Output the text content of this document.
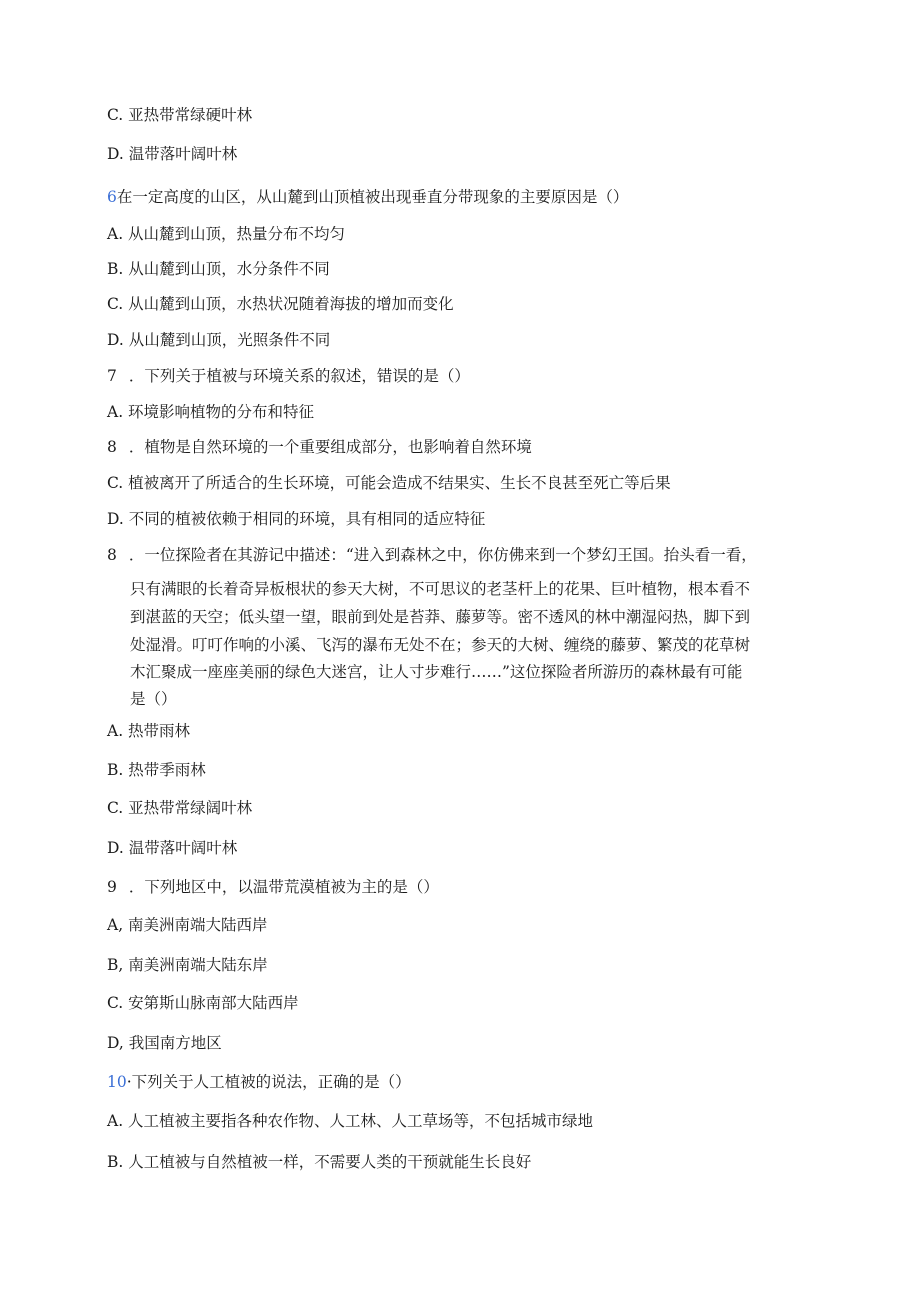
C. 亚热带常绿硬叶林
D. 温带落叶阔叶林
6在一定高度的山区，从山麓到山顶植被出现垂直分带现象的主要原因是（）
A. 从山麓到山顶，热量分布不均匀
B. 从山麓到山顶，水分条件不同
C. 从山麓到山顶，水热状况随着海拔的增加而变化
D. 从山麓到山顶，光照条件不同
7 ．下列关于植被与环境关系的叙述，错误的是（）
A. 环境影响植物的分布和特征
8 ．植物是自然环境的一个重要组成部分，也影响着自然环境
C. 植被离开了所适合的生长环境，可能会造成不结果实、生长不良甚至死亡等后果
D. 不同的植被依赖于相同的环境，具有相同的适应特征
8 ．一位探险者在其游记中描述：“进入到森林之中，你仿佛来到一个梦幻王国。抬头看一看，
只有满眼的长着奇异板根状的参天大树，不可思议的老茎杆上的花果、巨叶植物，根本看不
到湛蓝的天空；低头望一望，眼前到处是苔莽、藤萝等。密不透风的林中潮湿闷热，脚下到
处湿滑。叮叮作响的小溪、飞泻的瀑布无处不在；参天的大树、缠绕的藤萝、繁茂的花草树
木汇聚成一座座美丽的绿色大迷宫，让人寸步难行……”这位探险者所游历的森林最有可能
是（）
A. 热带雨林
B. 热带季雨林
C. 亚热带常绿阔叶林
D. 温带落叶阔叶林
9 ．下列地区中，以温带荒漠植被为主的是（）
A, 南美洲南端大陆西岸
B, 南美洲南端大陆东岸
C. 安第斯山脉南部大陆西岸
D, 我国南方地区
10·下列关于人工植被的说法，正确的是（）
A. 人工植被主要指各种农作物、人工林、人工草场等，不包括城市绿地
B. 人工植被与自然植被一样，不需要人类的干预就能生长良好
